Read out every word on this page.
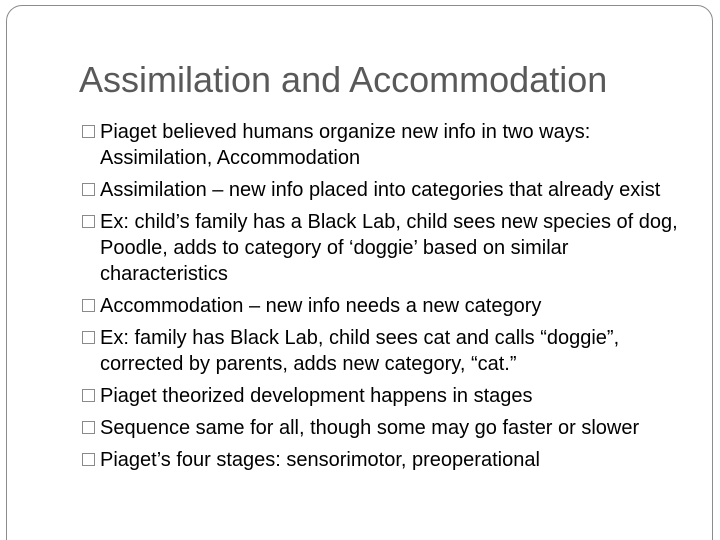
Assimilation and Accommodation
Piaget believed humans organize new info in two ways: Assimilation, Accommodation
Assimilation – new info placed into categories that already exist
Ex: child’s family has a Black Lab, child sees new species of dog, Poodle, adds to category of ‘doggie’ based on similar characteristics
Accommodation – new info needs a new category
Ex: family has Black Lab, child sees cat and calls “doggie”, corrected by parents, adds new category, “cat.”
Piaget theorized development happens in stages
Sequence same for all, though some may go faster or slower
Piaget’s four stages: sensorimotor, preoperational
